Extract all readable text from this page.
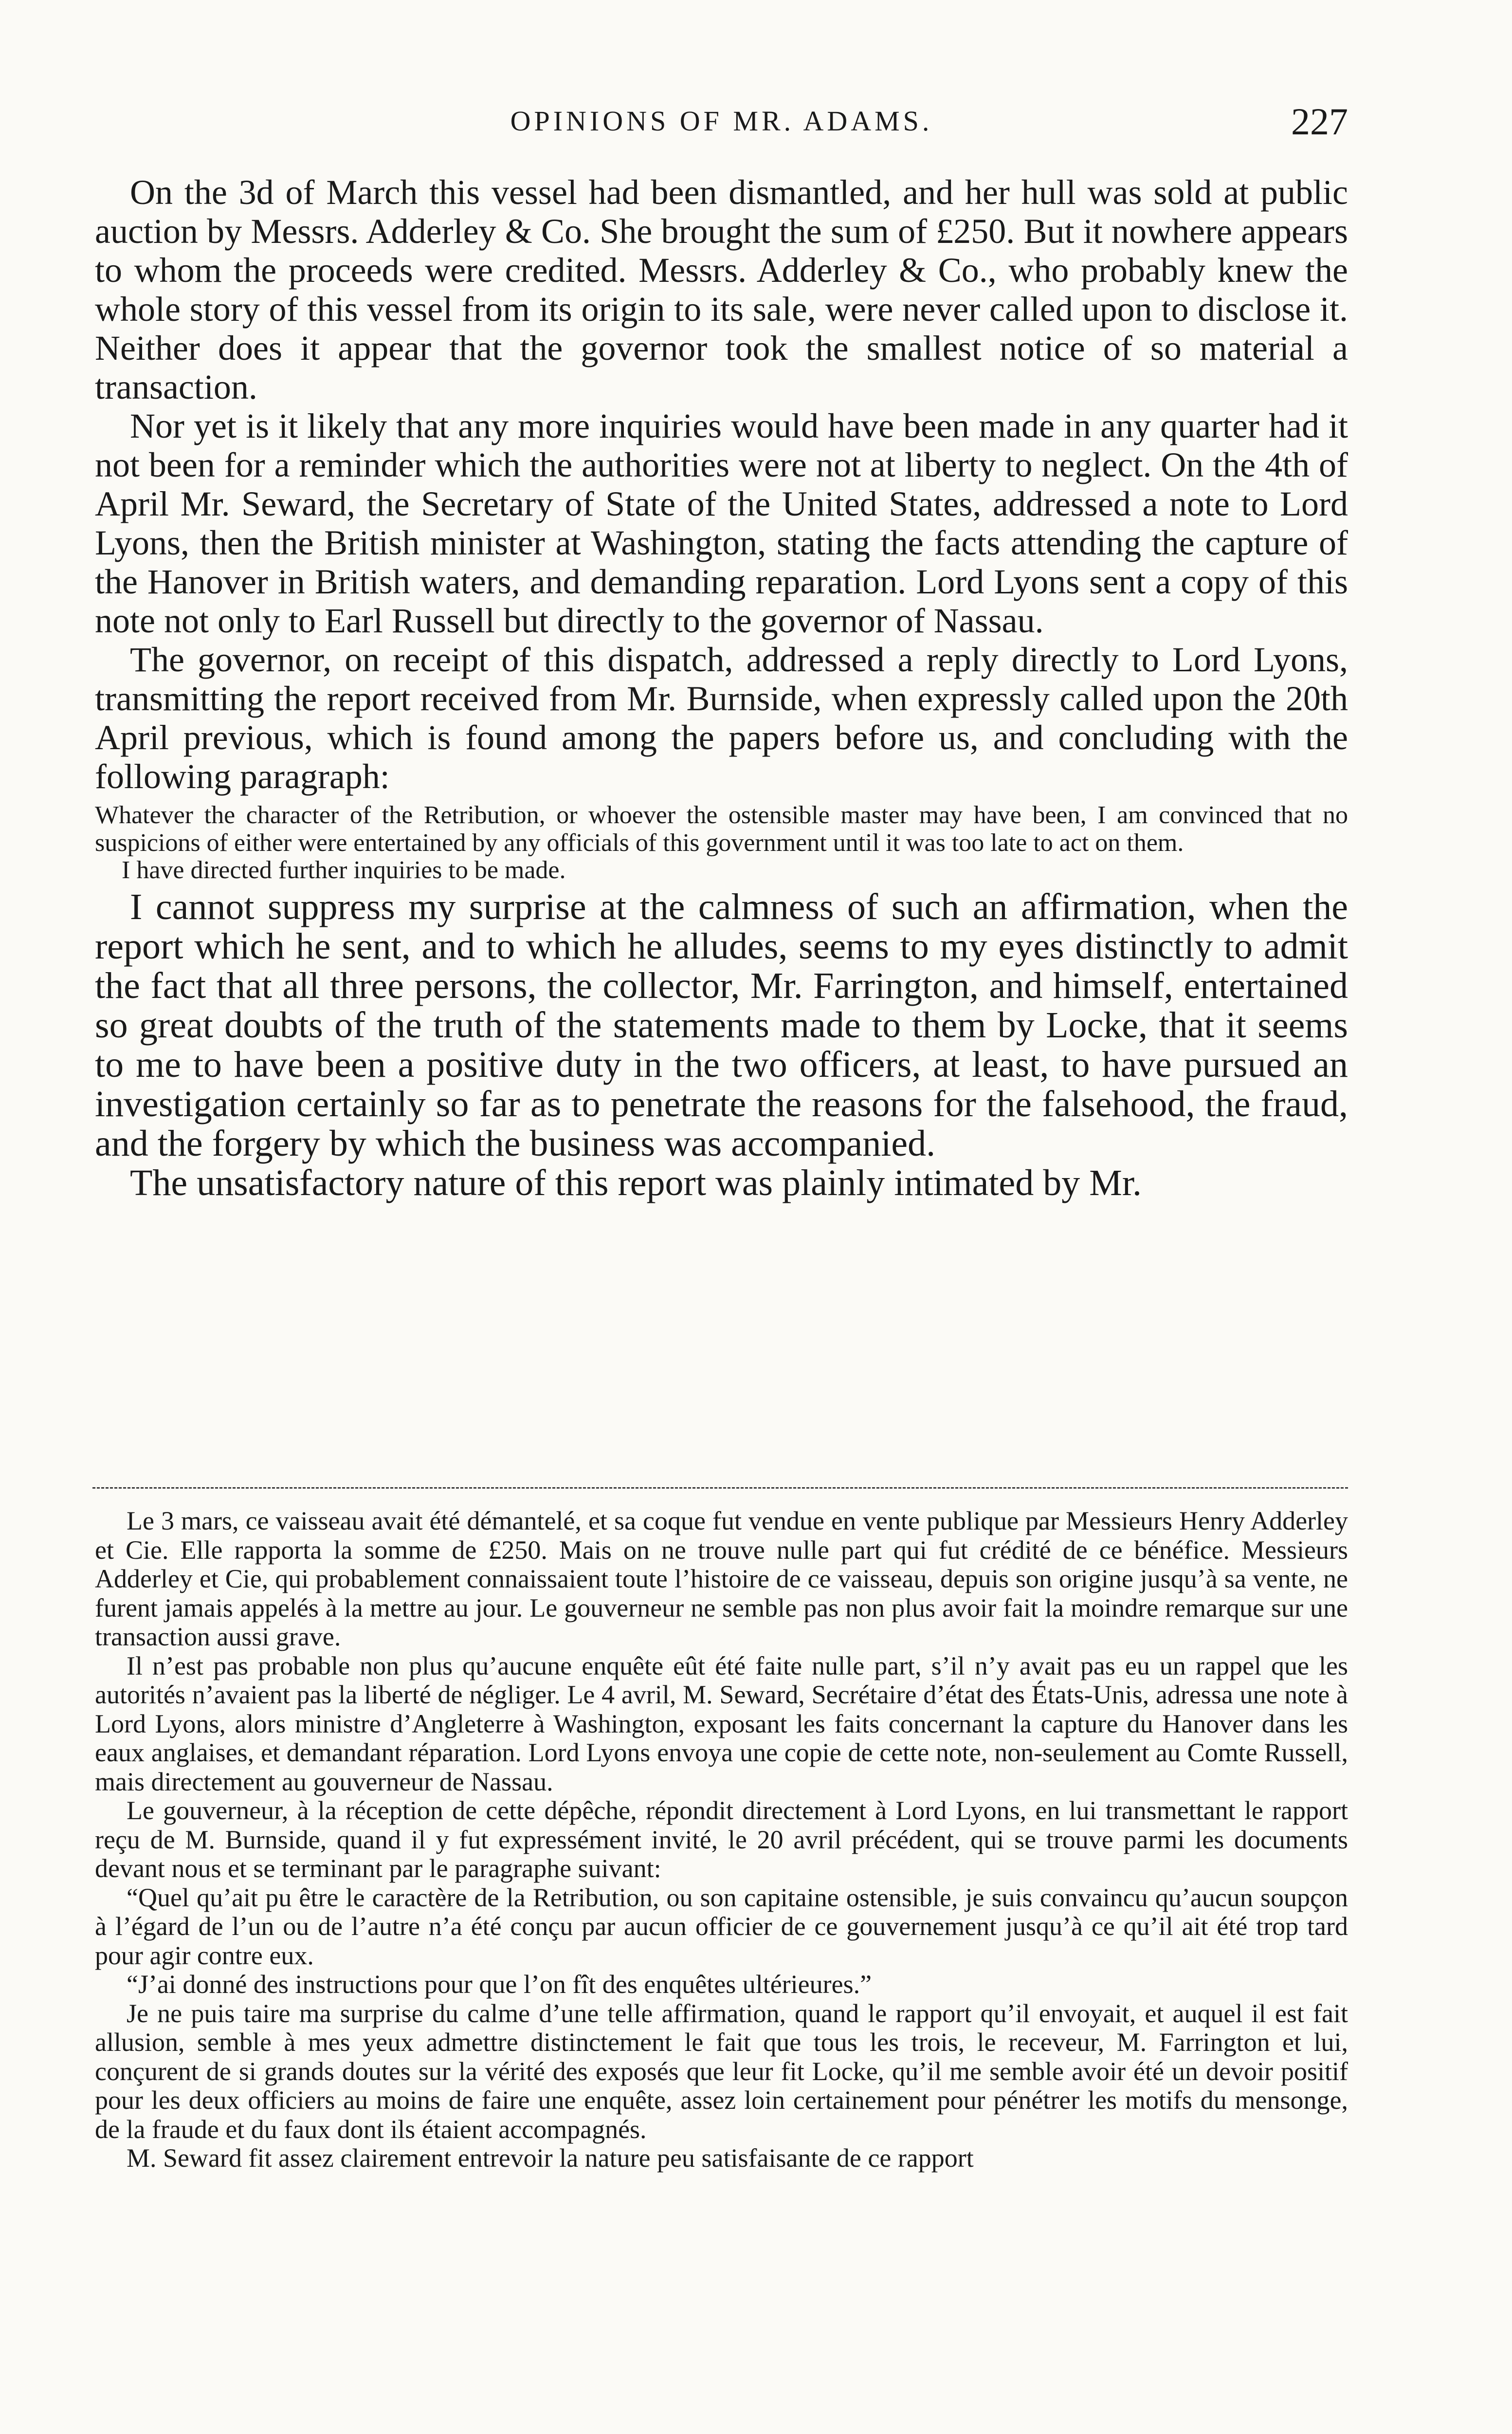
OPINIONS OF MR. ADAMS.	227

On the 3d of March this vessel had been dismantled, and her hull was sold at public auction by Messrs. Adderley & Co. She brought the sum of £250. But it nowhere appears to whom the proceeds were credited. Messrs. Adderley & Co., who probably knew the whole story of this vessel from its origin to its sale, were never called upon to disclose it. Neither does it appear that the governor took the smallest notice of so material a transaction.

Nor yet is it likely that any more inquiries would have been made in any quarter had it not been for a reminder which the authorities were not at liberty to neglect. On the 4th of April Mr. Seward, the Secretary of State of the United States, addressed a note to Lord Lyons, then the British minister at Washington, stating the facts attending the capture of the Hanover in British waters, and demanding reparation. Lord Lyons sent a copy of this note not only to Earl Russell but directly to the governor of Nassau.

The governor, on receipt of this dispatch, addressed a reply directly to Lord Lyons, transmitting the report received from Mr. Burnside, when expressly called upon the 20th April previous, which is found among the papers before us, and concluding with the following paragraph:

Whatever the character of the Retribution, or whoever the ostensible master may have been, I am convinced that no suspicions of either were entertained by any officials of this government until it was too late to act on them.

I have directed further inquiries to be made.

I cannot suppress my surprise at the calmness of such an affirmation, when the report which he sent, and to which he alludes, seems to my eyes distinctly to admit the fact that all three persons, the collector, Mr. Farrington, and himself, entertained so great doubts of the truth of the statements made to them by Locke, that it seems to me to have been a positive duty in the two officers, at least, to have pursued an investigation certainly so far as to penetrate the reasons for the falsehood, the fraud, and the forgery by which the business was accompanied.

The unsatisfactory nature of this report was plainly intimated by Mr.

Le 3 mars, ce vaisseau avait été démantelé, et sa coque fut vendue en vente publique par Messieurs Henry Adderley et Cie. Elle rapporta la somme de £250. Mais on ne trouve nulle part qui fut crédité de ce bénéfice. Messieurs Adderley et Cie, qui probablement connaissaient toute l’histoire de ce vaisseau, depuis son origine jusqu’à sa vente, ne furent jamais appelés à la mettre au jour. Le gouverneur ne semble pas non plus avoir fait la moindre remarque sur une transaction aussi grave.

Il n’est pas probable non plus qu’aucune enquête eût été faite nulle part, s’il n’y avait pas eu un rappel que les autorités n’avaient pas la liberté de négliger. Le 4 avril, M. Seward, Secrétaire d’état des États-Unis, adressa une note à Lord Lyons, alors ministre d’Angleterre à Washington, exposant les faits concernant la capture du Hanover dans les eaux anglaises, et demandant réparation. Lord Lyons envoya une copie de cette note, non-seulement au Comte Russell, mais directement au gouverneur de Nassau.

Le gouverneur, à la réception de cette dépêche, répondit directement à Lord Lyons, en lui transmettant le rapport reçu de M. Burnside, quand il y fut expressément invité, le 20 avril précédent, qui se trouve parmi les documents devant nous et se terminant par le paragraphe suivant:

“Quel qu’ait pu être le caractère de la Retribution, ou son capitaine ostensible, je suis convaincu qu’aucun soupçon à l’égard de l’un ou de l’autre n’a été conçu par aucun officier de ce gouvernement jusqu’à ce qu’il ait été trop tard pour agir contre eux.

“J’ai donné des instructions pour que l’on fît des enquêtes ultérieures.”

Je ne puis taire ma surprise du calme d’une telle affirmation, quand le rapport qu’il envoyait, et auquel il est fait allusion, semble à mes yeux admettre distinctement le fait que tous les trois, le receveur, M. Farrington et lui, conçurent de si grands doutes sur la vérité des exposés que leur fit Locke, qu’il me semble avoir été un devoir positif pour les deux officiers au moins de faire une enquête, assez loin certainement pour pénétrer les motifs du mensonge, de la fraude et du faux dont ils étaient accompagnés.

M. Seward fit assez clairement entrevoir la nature peu satisfaisante de ce rapport
